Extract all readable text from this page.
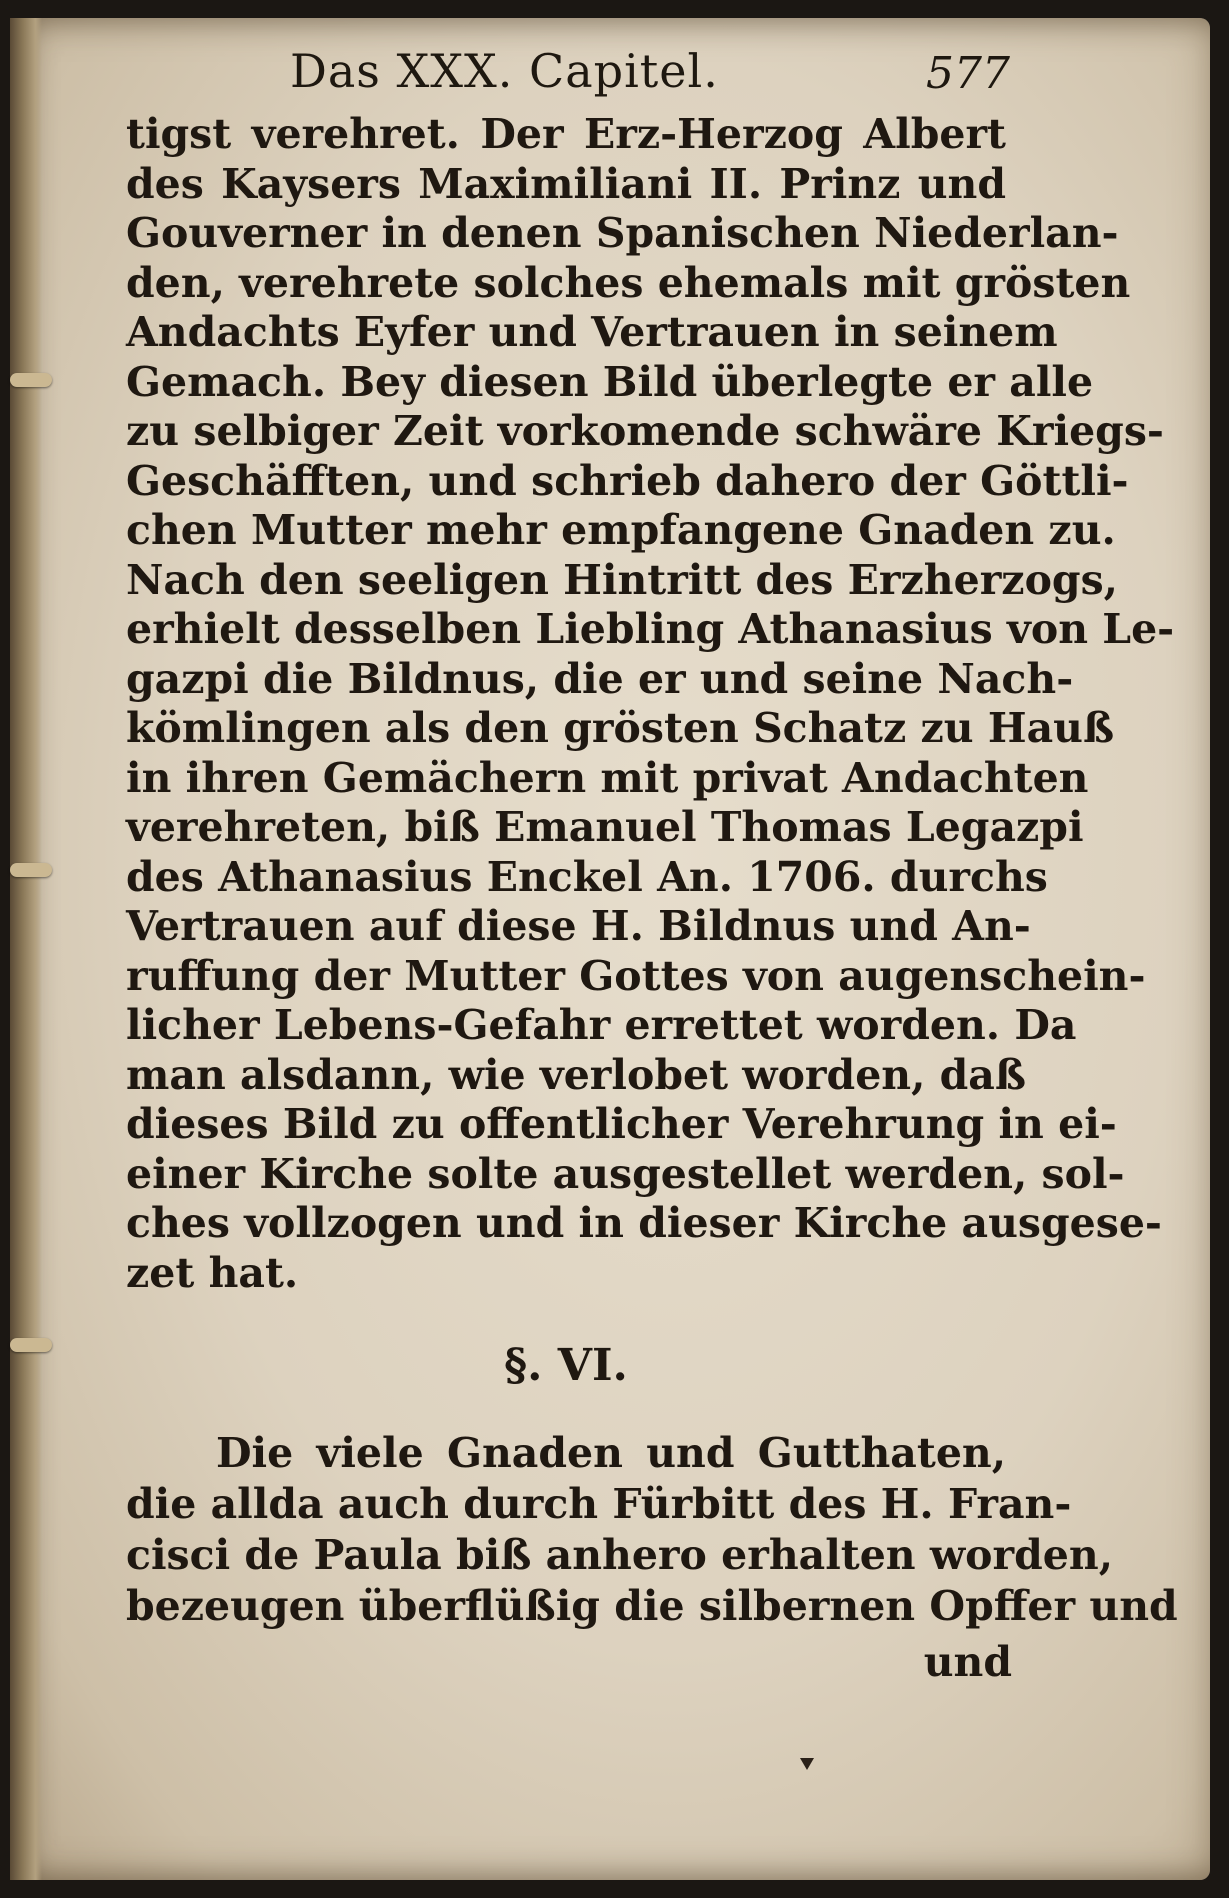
Das XXX. Capitel.	577
tigst verehret. Der Erz-Herzog Albert
des Kaysers Maximiliani II. Prinz und
Gouverner in denen Spanischen Niederlan-
den, verehrete solches ehemals mit grösten
Andachts Eyfer und Vertrauen in seinem
Gemach. Bey diesen Bild überlegte er alle
zu selbiger Zeit vorkomende schwäre Kriegs-
Geschäfften, und schrieb dahero der Göttli-
chen Mutter mehr empfangene Gnaden zu.
Nach den seeligen Hintritt des Erzherzogs,
erhielt desselben Liebling Athanasius von Le-
gazpi die Bildnus, die er und seine Nach-
kömlingen als den grösten Schatz zu Hauß
in ihren Gemächern mit privat Andachten
verehreten, biß Emanuel Thomas Legazpi
des Athanasius Enckel An. 1706. durchs
Vertrauen auf diese H. Bildnus und An-
ruffung der Mutter Gottes von augenschein-
licher Lebens-Gefahr errettet worden. Da
man alsdann, wie verlobet worden, daß
dieses Bild zu offentlicher Verehrung in ei-
einer Kirche solte ausgestellet werden, sol-
ches vollzogen und in dieser Kirche ausgese-
zet hat.
§. VI.
Die viele Gnaden und Gutthaten,
die allda auch durch Fürbitt des H. Fran-
cisci de Paula biß anhero erhalten worden,
bezeugen überflüßig die silbernen Opffer und
und
